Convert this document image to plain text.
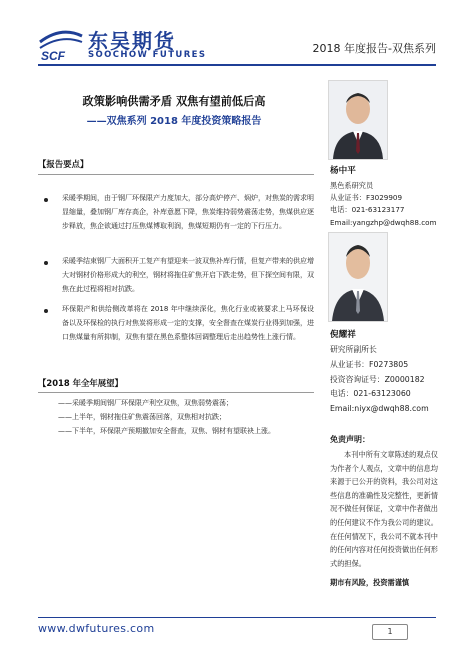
SCF
东吴期货
SOOCHOW FUTURES	2018 年度报告-双焦系列
政策影响供需矛盾 双焦有望前低后高
——双焦系列 2018 年度投资策略报告
【报告要点】
采暖季期间，由于钢厂环保限产力度加大，部分高炉停产、焖炉，对焦炭的需求明显缩量，叠加钢厂库存高企，补库意愿下降，焦炭维持弱势震荡走势，焦煤供应逐步释放，焦企欲通过打压焦煤博取利润，焦煤短期仍有一定的下行压力。
采暖季结束钢厂大面积开工复产有望迎来一波双焦补库行情，但复产带来的供应增大对钢材价格形成大的利空，钢材将拖住矿焦开启下跌走势，但下探空间有限，双焦在此过程将相对抗跌。
环保限产和供给侧改革将在 2018 年中继续深化，焦化行业或被要求上马环保设备以及环保检的执行对焦炭将形成一定的支撑，安全督查在煤炭行业得到加强，进口焦煤量有所抑制，双焦有望在黑色系整体回调整理后走出趋势性上涨行情。
【2018 年全年展望】
——采暖季期间钢厂环保限产利空双焦，双焦弱势震荡；
——上半年，钢材拖住矿焦震荡回落，双焦相对抗跌；
——下半年，环保限产预期撤加安全督查，双焦、钢材有望联袂上涨。
杨中平
黑色系研究员
从业证书：F3029909
电话：021-63123177
Email:yangzhp@dwqh88.com
倪耀祥
研究所副所长
从业证书：F0273805
投资咨询证号：Z0000182
电话：021-63123060
Email:niyx@dwqh88.com
免责声明：
本刊中所有文章陈述的观点仅为作者个人观点，文章中的信息均来源于已公开的资料，我公司对这些信息的准确性及完整性，更新情况不做任何保证，文章中作者做出的任何建议不作为我公司的建议。在任何情况下，我公司不就本刊中的任何内容对任何投资做出任何形式的担保。
期市有风险，投资需谨慎
www.dwfutures.com	1
